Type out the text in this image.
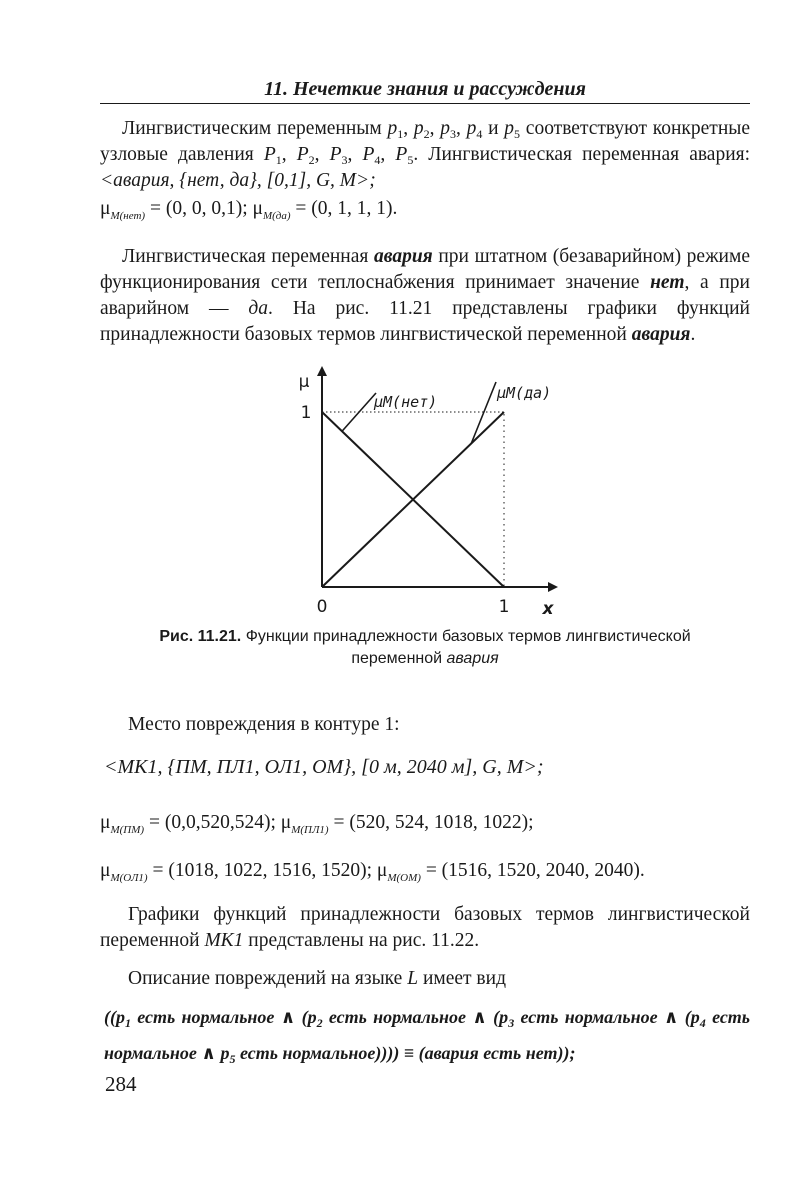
11. Нечеткие знания и рассуждения
Лингвистическим переменным $p_1$, $p_2$, $p_3$, $p_4$ и $p_5$ соответствуют конкретные
узловые давления $P_1$, $P_2$, $P_3$, $P_4$, $P_5$. Лингвистическая переменная авария:
<авария, {нет, да}, [0,1], G, M>;
$\mu_{M(нет)} = (0$, 0, 0,1); $\mu_{M(да)} = (0$, 1, 1, 1).
Лингвистическая переменная авария при штатном (безаварийном) режиме
функционирования сети теплоснабжения принимает значение нет, а при
аварийном — да. На рис. 11.21 представлены графики функций
принадлежности базовых термов лингвистической переменной авария.
μ
x
1
0	1
μM(нет)	μM(да)
Рис. 11.21. Функции принадлежности базовых термов лингвистической
переменной авария
Место повреждения в контуре 1:
<MK1, {ПМ, ПЛ1, ОЛ1, ОМ}, [0 м, 2040 м], G, M>;
$\mu_{M(ПМ)} = (0,0,520,524)$; $\mu_{M(ПЛ1)} = (520$, 524, 1018, 1022);
$\mu_{M(ОЛ1)} = (1018$, 1022, 1516, 1520); $\mu_{M(ОМ)} = (1516$, 1520, 2040, 2040).
Графики функций принадлежности базовых термов лингвистической
переменной МК1 представлены на рис. 11.22.
Описание повреждений на языке L имеет вид
(($p_1$ есть нормальное ∧ ($p_2$ есть нормальное ∧ ($p_3$ есть нормальное ∧ ($p_4$ есть
нормальное ∧ $p_5$ есть нормальное)))) ≡ (авария есть нет));
284
